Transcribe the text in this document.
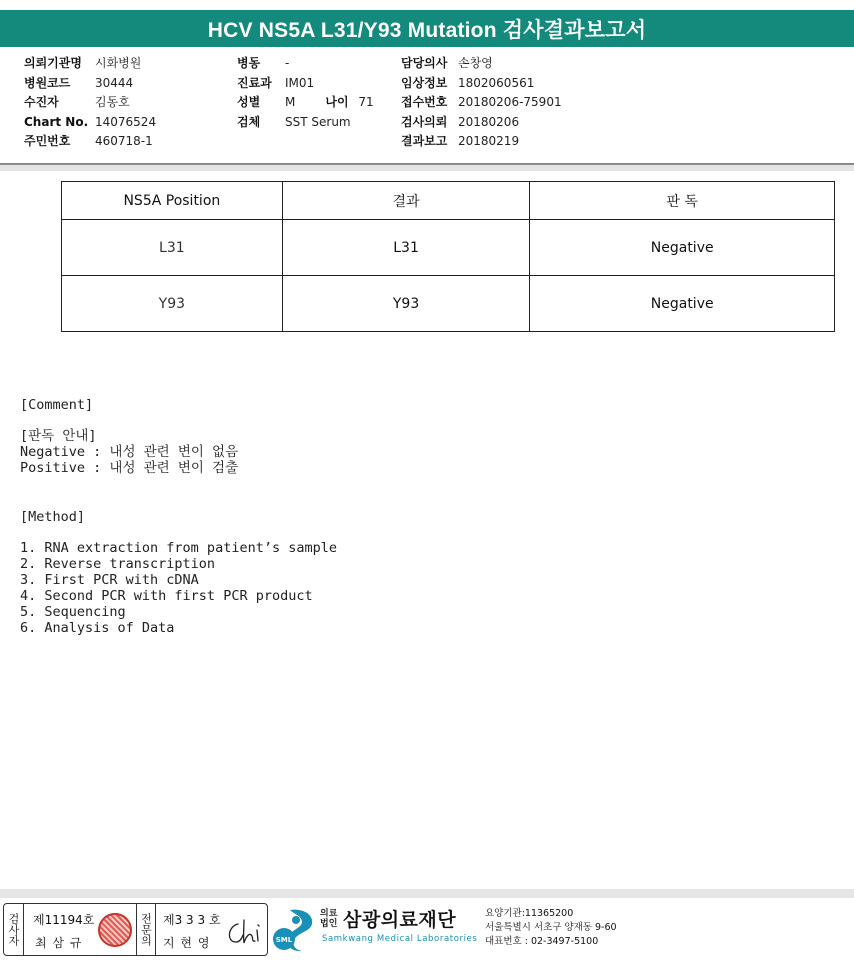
HCV NS5A L31/Y93 Mutation 검사결과보고서
의뢰기관명	시화병원
병원코드	30444
수진자	김동호
Chart No. 14076524
주민번호	460718-1
병동	-
진료과	IM01
성별	M	나이 71
검체	SST Serum
담당의사 손창영
임상정보 1802060561
접수번호 20180206-75901
검사의뢰 20180206
결과보고 20180219
NS5A Position	결과	판 독
L31	L31	Negative
Y93	Y93	Negative
[Comment]
[판독 안내]
Negative : 내성 관련 변이 없음
Positive : 내성 관련 변이 검출
[Method]
1. RNA extraction from patient’s sample
2. Reverse transcription
3. First PCR with cDNA
4. Second PCR with first PCR product
5. Sequencing
6. Analysis of Data
검사자 제11194호
최 삼 규	전문의 제3 3 3 호
지 현 영	SML
의료
법인 삼광의료재단
Samkwang Medical Laboratories
요양기관:11365200
서울특별시 서초구 양재동 9-60
대표번호 : 02-3497-5100
